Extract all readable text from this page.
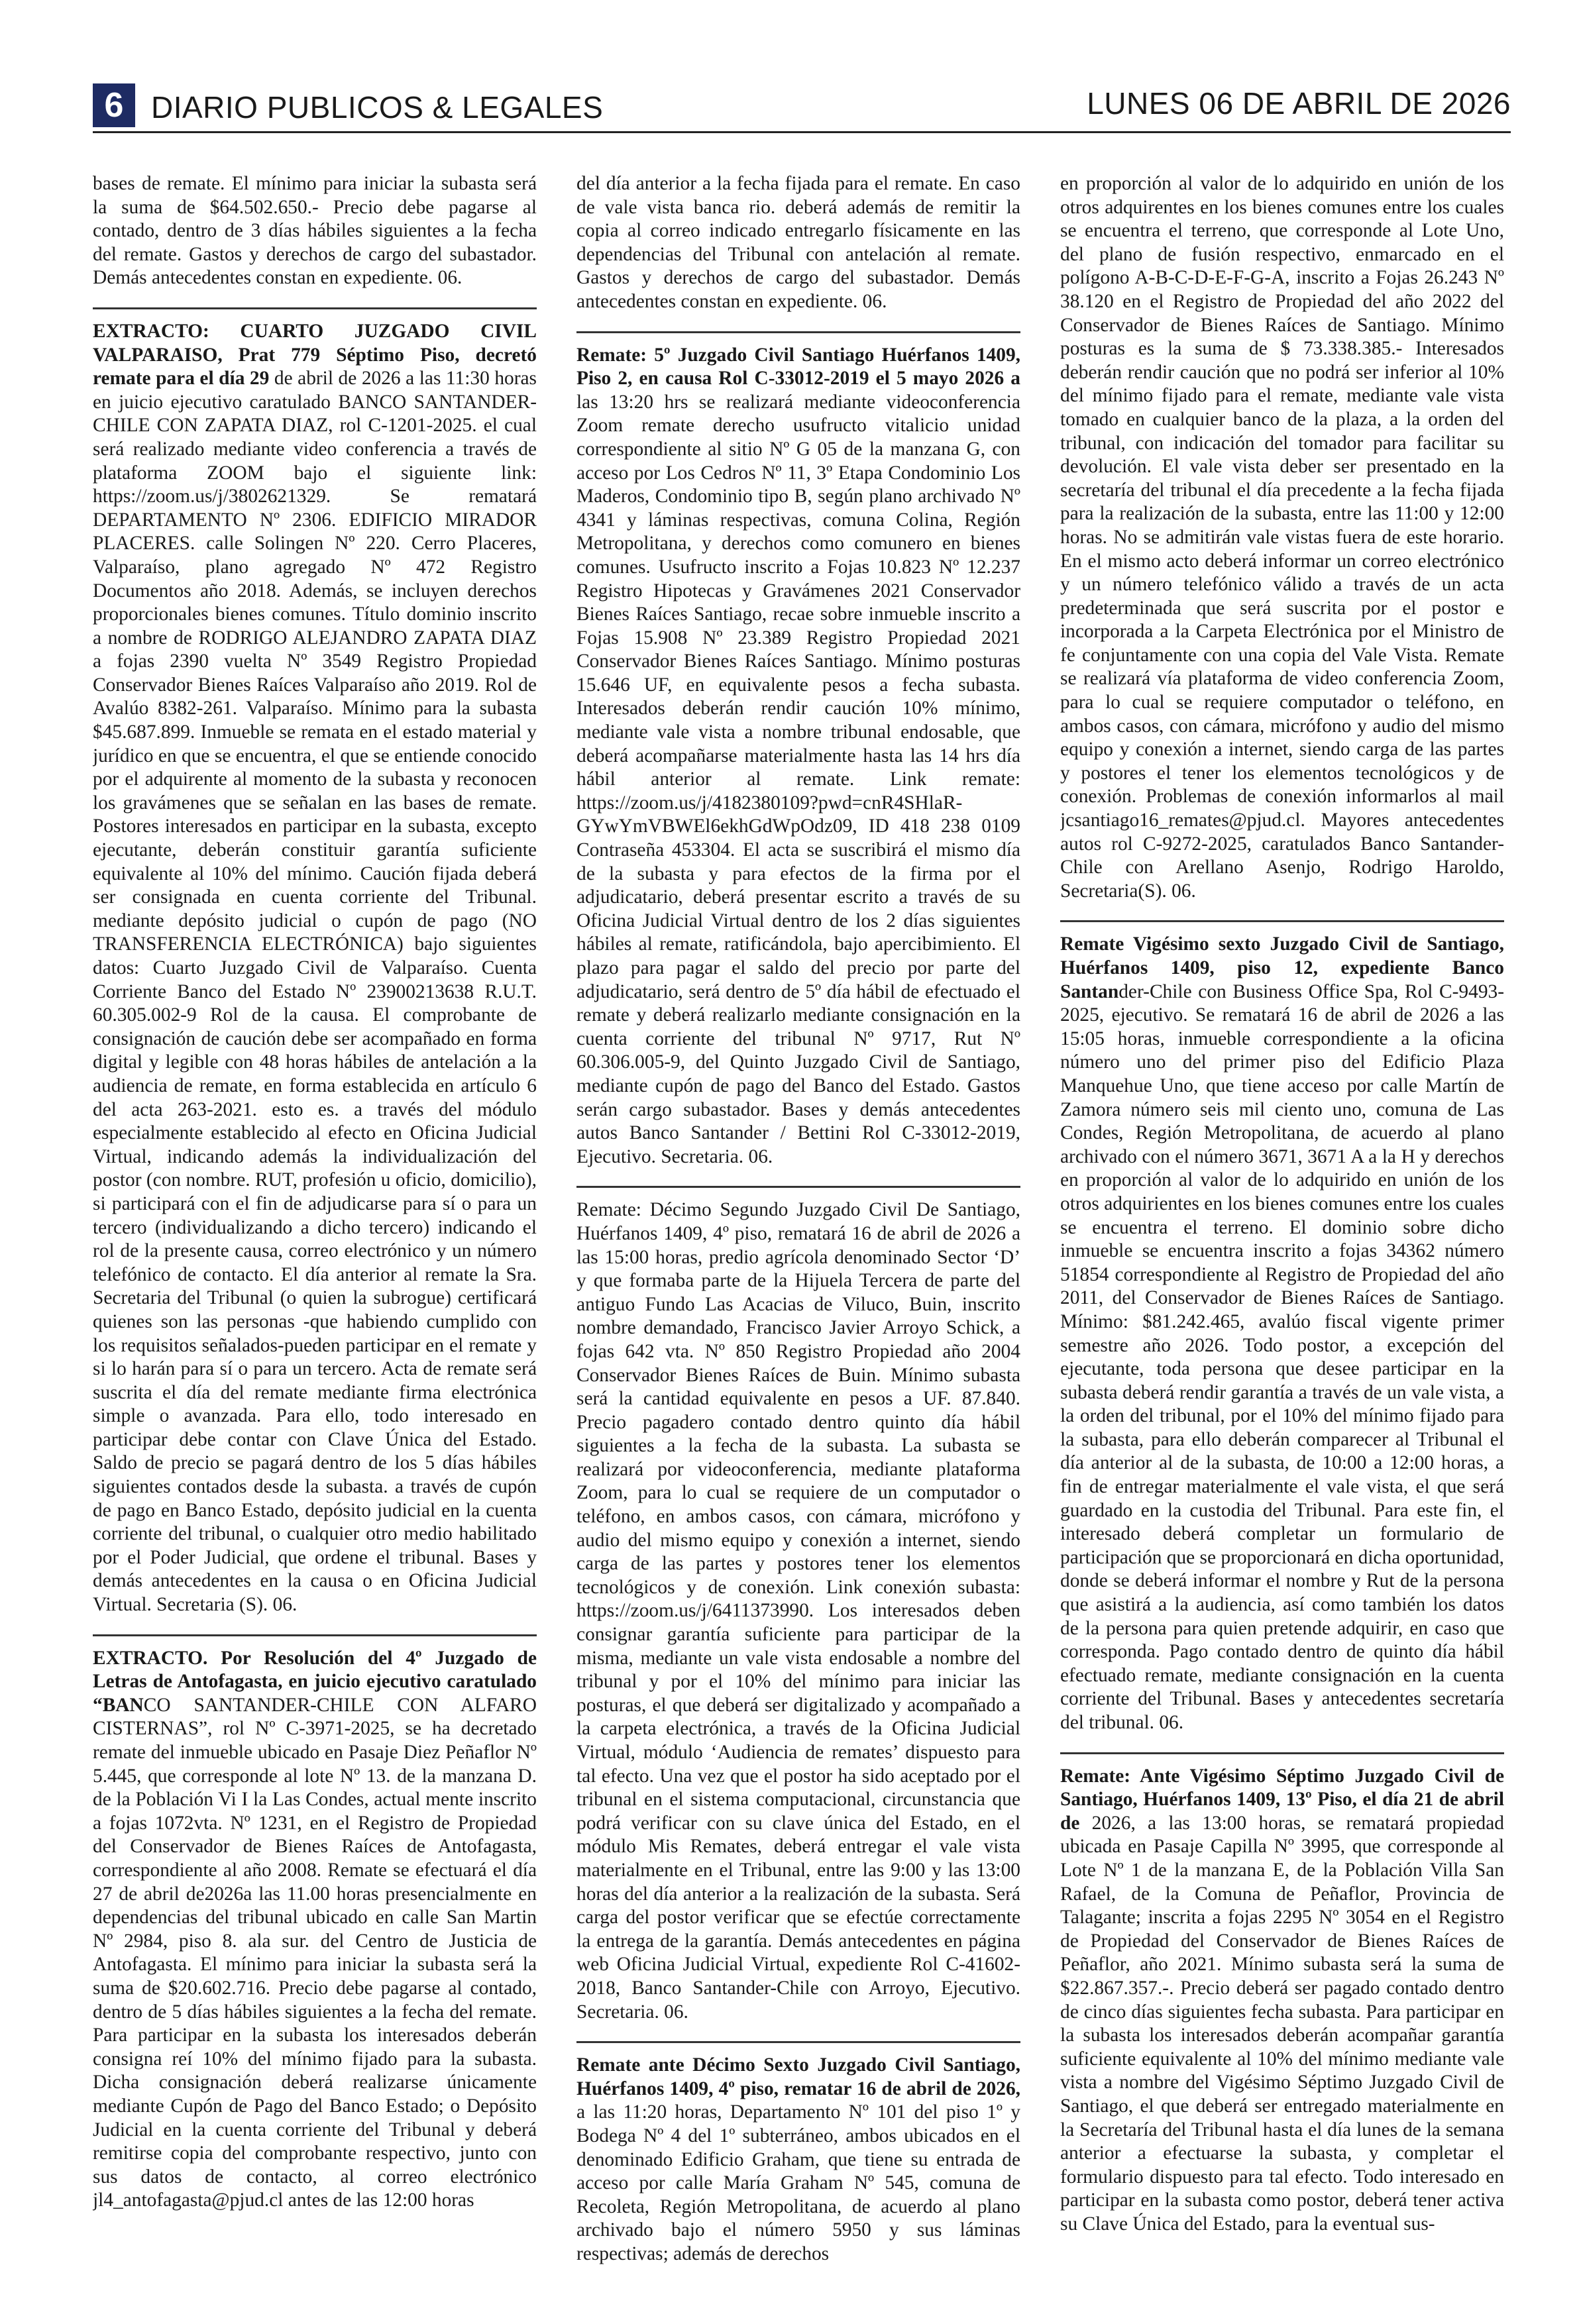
6 DIARIO PUBLICOS & LEGALES	LUNES 06 DE ABRIL DE 2026

bases de remate. El mínimo para iniciar la subasta será la suma de $64.502.650.- Precio debe pagarse al contado, dentro de 3 días hábiles siguientes a la fecha del remate. Gastos y derechos de cargo del subastador. Demás antecedentes constan en expediente. 06.

EXTRACTO: CUARTO JUZGADO CIVIL VALPARAISO, Prat 779 Séptimo Piso, decretó remate para el día 29 de abril de 2026 a las 11:30 horas en juicio ejecutivo caratulado BANCO SANTANDER-CHILE CON ZAPATA DIAZ, rol C-1201-2025. el cual será realizado mediante video conferencia a través de plataforma ZOOM bajo el siguiente link: https://zoom.us/j/3802621329. Se rematará DEPARTAMENTO Nº 2306. EDIFICIO MIRADOR PLACERES. calle Solingen Nº 220. Cerro Placeres, Valparaíso, plano agregado Nº 472 Registro Documentos año 2018. Además, se incluyen derechos proporcionales bienes comunes. Título dominio inscrito a nombre de RODRIGO ALEJANDRO ZAPATA DIAZ a fojas 2390 vuelta Nº 3549 Registro Propiedad Conservador Bienes Raíces Valparaíso año 2019. Rol de Avalúo 8382-261. Valparaíso. Mínimo para la subasta $45.687.899. Inmueble se remata en el estado material y jurídico en que se encuentra, el que se entiende conocido por el adquirente al momento de la subasta y reconocen los gravámenes que se señalan en las bases de remate. Postores interesados en participar en la subasta, excepto ejecutante, deberán constituir garantía suficiente equivalente al 10% del mínimo. Caución fijada deberá ser consignada en cuenta corriente del Tribunal. mediante depósito judicial o cupón de pago (NO TRANSFERENCIA ELECTRÓNICA) bajo siguientes datos: Cuarto Juzgado Civil de Valparaíso. Cuenta Corriente Banco del Estado Nº 23900213638 R.U.T. 60.305.002-9 Rol de la causa. El comprobante de consignación de caución debe ser acompañado en forma digital y legible con 48 horas hábiles de antelación a la audiencia de remate, en forma establecida en artículo 6 del acta 263-2021. esto es. a través del módulo especialmente establecido al efecto en Oficina Judicial Virtual, indicando además la individualización del postor (con nombre. RUT, profesión u oficio, domicilio), si participará con el fin de adjudicarse para sí o para un tercero (individualizando a dicho tercero) indicando el rol de la presente causa, correo electrónico y un número telefónico de contacto. El día anterior al remate la Sra. Secretaria del Tribunal (o quien la subrogue) certificará quienes son las personas -que habiendo cumplido con los requisitos señalados-pueden participar en el remate y si lo harán para sí o para un tercero. Acta de remate será suscrita el día del remate mediante firma electrónica simple o avanzada. Para ello, todo interesado en participar debe contar con Clave Única del Estado. Saldo de precio se pagará dentro de los 5 días hábiles siguientes contados desde la subasta. a través de cupón de pago en Banco Estado, depósito judicial en la cuenta corriente del tribunal, o cualquier otro medio habilitado por el Poder Judicial, que ordene el tribunal. Bases y demás antecedentes en la causa o en Oficina Judicial Virtual. Secretaria (S). 06.

EXTRACTO. Por Resolución del 4º Juzgado de Letras de Antofagasta, en juicio ejecutivo caratulado “BANCO SANTANDER-CHILE CON ALFARO CISTERNAS”, rol Nº C-3971-2025, se ha decretado remate del inmueble ubicado en Pasaje Diez Peñaflor Nº 5.445, que corresponde al lote Nº 13. de la manzana D. de la Población Vi I la Las Condes, actual mente inscrito a fojas 1072vta. Nº 1231, en el Registro de Propiedad del Conservador de Bienes Raíces de Antofagasta, correspondiente al año 2008. Remate se efectuará el día 27 de abril de2026a las 11.00 horas presencialmente en dependencias del tribunal ubicado en calle San Martin Nº 2984, piso 8. ala sur. del Centro de Justicia de Antofagasta. El mínimo para iniciar la subasta será la suma de $20.602.716. Precio debe pagarse al contado, dentro de 5 días hábiles siguientes a la fecha del remate. Para participar en la subasta los interesados deberán consigna reí 10% del mínimo fijado para la subasta. Dicha consignación deberá realizarse únicamente mediante Cupón de Pago del Banco Estado; o Depósito Judicial en la cuenta corriente del Tribunal y deberá remitirse copia del comprobante respectivo, junto con sus datos de contacto, al correo electrónico jl4_antofagasta@pjud.cl antes de las 12:00 horas

del día anterior a la fecha fijada para el remate. En caso de vale vista banca rio. deberá además de remitir la copia al correo indicado entregarlo físicamente en las dependencias del Tribunal con antelación al remate. Gastos y derechos de cargo del subastador. Demás antecedentes constan en expediente. 06.

Remate: 5º Juzgado Civil Santiago Huérfanos 1409, Piso 2, en causa Rol C-33012-2019 el 5 mayo 2026 a las 13:20 hrs se realizará mediante videoconferencia Zoom remate derecho usufructo vitalicio unidad correspondiente al sitio Nº G 05 de la manzana G, con acceso por Los Cedros Nº 11, 3º Etapa Condominio Los Maderos, Condominio tipo B, según plano archivado Nº 4341 y láminas respectivas, comuna Colina, Región Metropolitana, y derechos como comunero en bienes comunes. Usufructo inscrito a Fojas 10.823 Nº 12.237 Registro Hipotecas y Gravámenes 2021 Conservador Bienes Raíces Santiago, recae sobre inmueble inscrito a Fojas 15.908 Nº 23.389 Registro Propiedad 2021 Conservador Bienes Raíces Santiago. Mínimo posturas 15.646 UF, en equivalente pesos a fecha subasta. Interesados deberán rendir caución 10% mínimo, mediante vale vista a nombre tribunal endosable, que deberá acompañarse materialmente hasta las 14 hrs día hábil anterior al remate. Link remate: https://zoom.us/j/4182380109?pwd=cnR4SHlaR-GYwYmVBWEl6ekhGdWpOdz09, ID 418 238 0109 Contraseña 453304. El acta se suscribirá el mismo día de la subasta y para efectos de la firma por el adjudicatario, deberá presentar escrito a través de su Oficina Judicial Virtual dentro de los 2 días siguientes hábiles al remate, ratificándola, bajo apercibimiento. El plazo para pagar el saldo del precio por parte del adjudicatario, será dentro de 5º día hábil de efectuado el remate y deberá realizarlo mediante consignación en la cuenta corriente del tribunal Nº 9717, Rut Nº 60.306.005-9, del Quinto Juzgado Civil de Santiago, mediante cupón de pago del Banco del Estado. Gastos serán cargo subastador. Bases y demás antecedentes autos Banco Santander / Bettini Rol C-33012-2019, Ejecutivo. Secretaria. 06.

Remate: Décimo Segundo Juzgado Civil De Santiago, Huérfanos 1409, 4º piso, rematará 16 de abril de 2026 a las 15:00 horas, predio agrícola denominado Sector ‘D’ y que formaba parte de la Hijuela Tercera de parte del antiguo Fundo Las Acacias de Viluco, Buin, inscrito nombre demandado, Francisco Javier Arroyo Schick, a fojas 642 vta. Nº 850 Registro Propiedad año 2004 Conservador Bienes Raíces de Buin. Mínimo subasta será la cantidad equivalente en pesos a UF. 87.840. Precio pagadero contado dentro quinto día hábil siguientes a la fecha de la subasta. La subasta se realizará por videoconferencia, mediante plataforma Zoom, para lo cual se requiere de un computador o teléfono, en ambos casos, con cámara, micrófono y audio del mismo equipo y conexión a internet, siendo carga de las partes y postores tener los elementos tecnológicos y de conexión. Link conexión subasta: https://zoom.us/j/6411373990. Los interesados deben consignar garantía suficiente para participar de la misma, mediante un vale vista endosable a nombre del tribunal y por el 10% del mínimo para iniciar las posturas, el que deberá ser digitalizado y acompañado a la carpeta electrónica, a través de la Oficina Judicial Virtual, módulo ‘Audiencia de remates’ dispuesto para tal efecto. Una vez que el postor ha sido aceptado por el tribunal en el sistema computacional, circunstancia que podrá verificar con su clave única del Estado, en el módulo Mis Remates, deberá entregar el vale vista materialmente en el Tribunal, entre las 9:00 y las 13:00 horas del día anterior a la realización de la subasta. Será carga del postor verificar que se efectúe correctamente la entrega de la garantía. Demás antecedentes en página web Oficina Judicial Virtual, expediente Rol C-41602-2018, Banco Santander-Chile con Arroyo, Ejecutivo. Secretaria. 06.

Remate ante Décimo Sexto Juzgado Civil Santiago, Huérfanos 1409, 4º piso, rematar 16 de abril de 2026, a las 11:20 horas, Departamento Nº 101 del piso 1º y Bodega Nº 4 del 1º subterráneo, ambos ubicados en el denominado Edificio Graham, que tiene su entrada de acceso por calle María Graham Nº 545, comuna de Recoleta, Región Metropolitana, de acuerdo al plano archivado bajo el número 5950 y sus láminas respectivas; además de derechos

en proporción al valor de lo adquirido en unión de los otros adquirentes en los bienes comunes entre los cuales se encuentra el terreno, que corresponde al Lote Uno, del plano de fusión respectivo, enmarcado en el polígono A-B-C-D-E-F-G-A, inscrito a Fojas 26.243 Nº 38.120 en el Registro de Propiedad del año 2022 del Conservador de Bienes Raíces de Santiago. Mínimo posturas es la suma de $ 73.338.385.- Interesados deberán rendir caución que no podrá ser inferior al 10% del mínimo fijado para el remate, mediante vale vista tomado en cualquier banco de la plaza, a la orden del tribunal, con indicación del tomador para facilitar su devolución. El vale vista deber ser presentado en la secretaría del tribunal el día precedente a la fecha fijada para la realización de la subasta, entre las 11:00 y 12:00 horas. No se admitirán vale vistas fuera de este horario. En el mismo acto deberá informar un correo electrónico y un número telefónico válido a través de un acta predeterminada que será suscrita por el postor e incorporada a la Carpeta Electrónica por el Ministro de fe conjuntamente con una copia del Vale Vista. Remate se realizará vía plataforma de video conferencia Zoom, para lo cual se requiere computador o teléfono, en ambos casos, con cámara, micrófono y audio del mismo equipo y conexión a internet, siendo carga de las partes y postores el tener los elementos tecnológicos y de conexión. Problemas de conexión informarlos al mail jcsantiago16_remates@pjud.cl. Mayores antecedentes autos rol C-9272-2025, caratulados Banco Santander-Chile con Arellano Asenjo, Rodrigo Haroldo, Secretaria(S). 06.

Remate Vigésimo sexto Juzgado Civil de Santiago, Huérfanos 1409, piso 12, expediente Banco Santander-Chile con Business Office Spa, Rol C-9493-2025, ejecutivo. Se rematará 16 de abril de 2026 a las 15:05 horas, inmueble correspondiente a la oficina número uno del primer piso del Edificio Plaza Manquehue Uno, que tiene acceso por calle Martín de Zamora número seis mil ciento uno, comuna de Las Condes, Región Metropolitana, de acuerdo al plano archivado con el número 3671, 3671 A a la H y derechos en proporción al valor de lo adquirido en unión de los otros adquirientes en los bienes comunes entre los cuales se encuentra el terreno. El dominio sobre dicho inmueble se encuentra inscrito a fojas 34362 número 51854 correspondiente al Registro de Propiedad del año 2011, del Conservador de Bienes Raíces de Santiago. Mínimo: $81.242.465, avalúo fiscal vigente primer semestre año 2026. Todo postor, a excepción del ejecutante, toda persona que desee participar en la subasta deberá rendir garantía a través de un vale vista, a la orden del tribunal, por el 10% del mínimo fijado para la subasta, para ello deberán comparecer al Tribunal el día anterior al de la subasta, de 10:00 a 12:00 horas, a fin de entregar materialmente el vale vista, el que será guardado en la custodia del Tribunal. Para este fin, el interesado deberá completar un formulario de participación que se proporcionará en dicha oportunidad, donde se deberá informar el nombre y Rut de la persona que asistirá a la audiencia, así como también los datos de la persona para quien pretende adquirir, en caso que corresponda. Pago contado dentro de quinto día hábil efectuado remate, mediante consignación en la cuenta corriente del Tribunal. Bases y antecedentes secretaría del tribunal. 06.

Remate: Ante Vigésimo Séptimo Juzgado Civil de Santiago, Huérfanos 1409, 13º Piso, el día 21 de abril de 2026, a las 13:00 horas, se rematará propiedad ubicada en Pasaje Capilla Nº 3995, que corresponde al Lote Nº 1 de la manzana E, de la Población Villa San Rafael, de la Comuna de Peñaflor, Provincia de Talagante; inscrita a fojas 2295 Nº 3054 en el Registro de Propiedad del Conservador de Bienes Raíces de Peñaflor, año 2021. Mínimo subasta será la suma de $22.867.357.-. Precio deberá ser pagado contado dentro de cinco días siguientes fecha subasta. Para participar en la subasta los interesados deberán acompañar garantía suficiente equivalente al 10% del mínimo mediante vale vista a nombre del Vigésimo Séptimo Juzgado Civil de Santiago, el que deberá ser entregado materialmente en la Secretaría del Tribunal hasta el día lunes de la semana anterior a efectuarse la subasta, y completar el formulario dispuesto para tal efecto. Todo interesado en participar en la subasta como postor, deberá tener activa su Clave Única del Estado, para la eventual sus-
